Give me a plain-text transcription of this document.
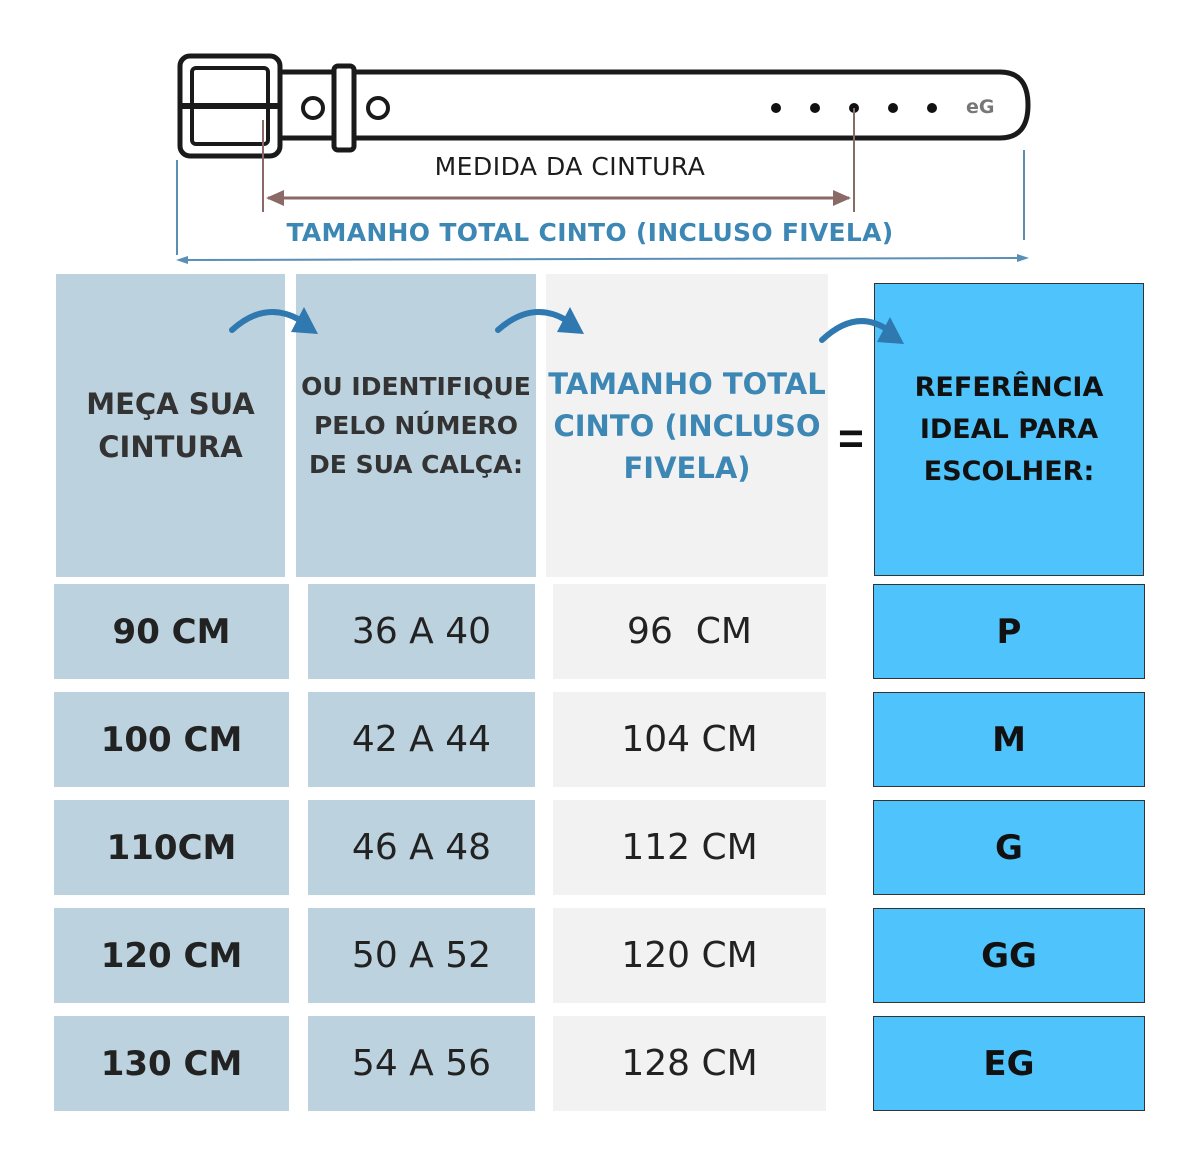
eG
MEDIDA DA CINTURA
TAMANHO TOTAL CINTO (INCLUSO FIVELA)
MEÇA SUA
CINTURA
OU IDENTIFIQUE
PELO NÚMERO
DE SUA CALÇA:
TAMANHO TOTAL
CINTO (INCLUSO
FIVELA)
=
REFERÊNCIA
IDEAL PARA
ESCOLHER:
90 CM	36 A 40	96  CM	P
100 CM	42 A 44	104 CM	M
110CM	46 A 48	112 CM	G
120 CM	50 A 52	120 CM	GG
130 CM	54 A 56	128 CM	EG
